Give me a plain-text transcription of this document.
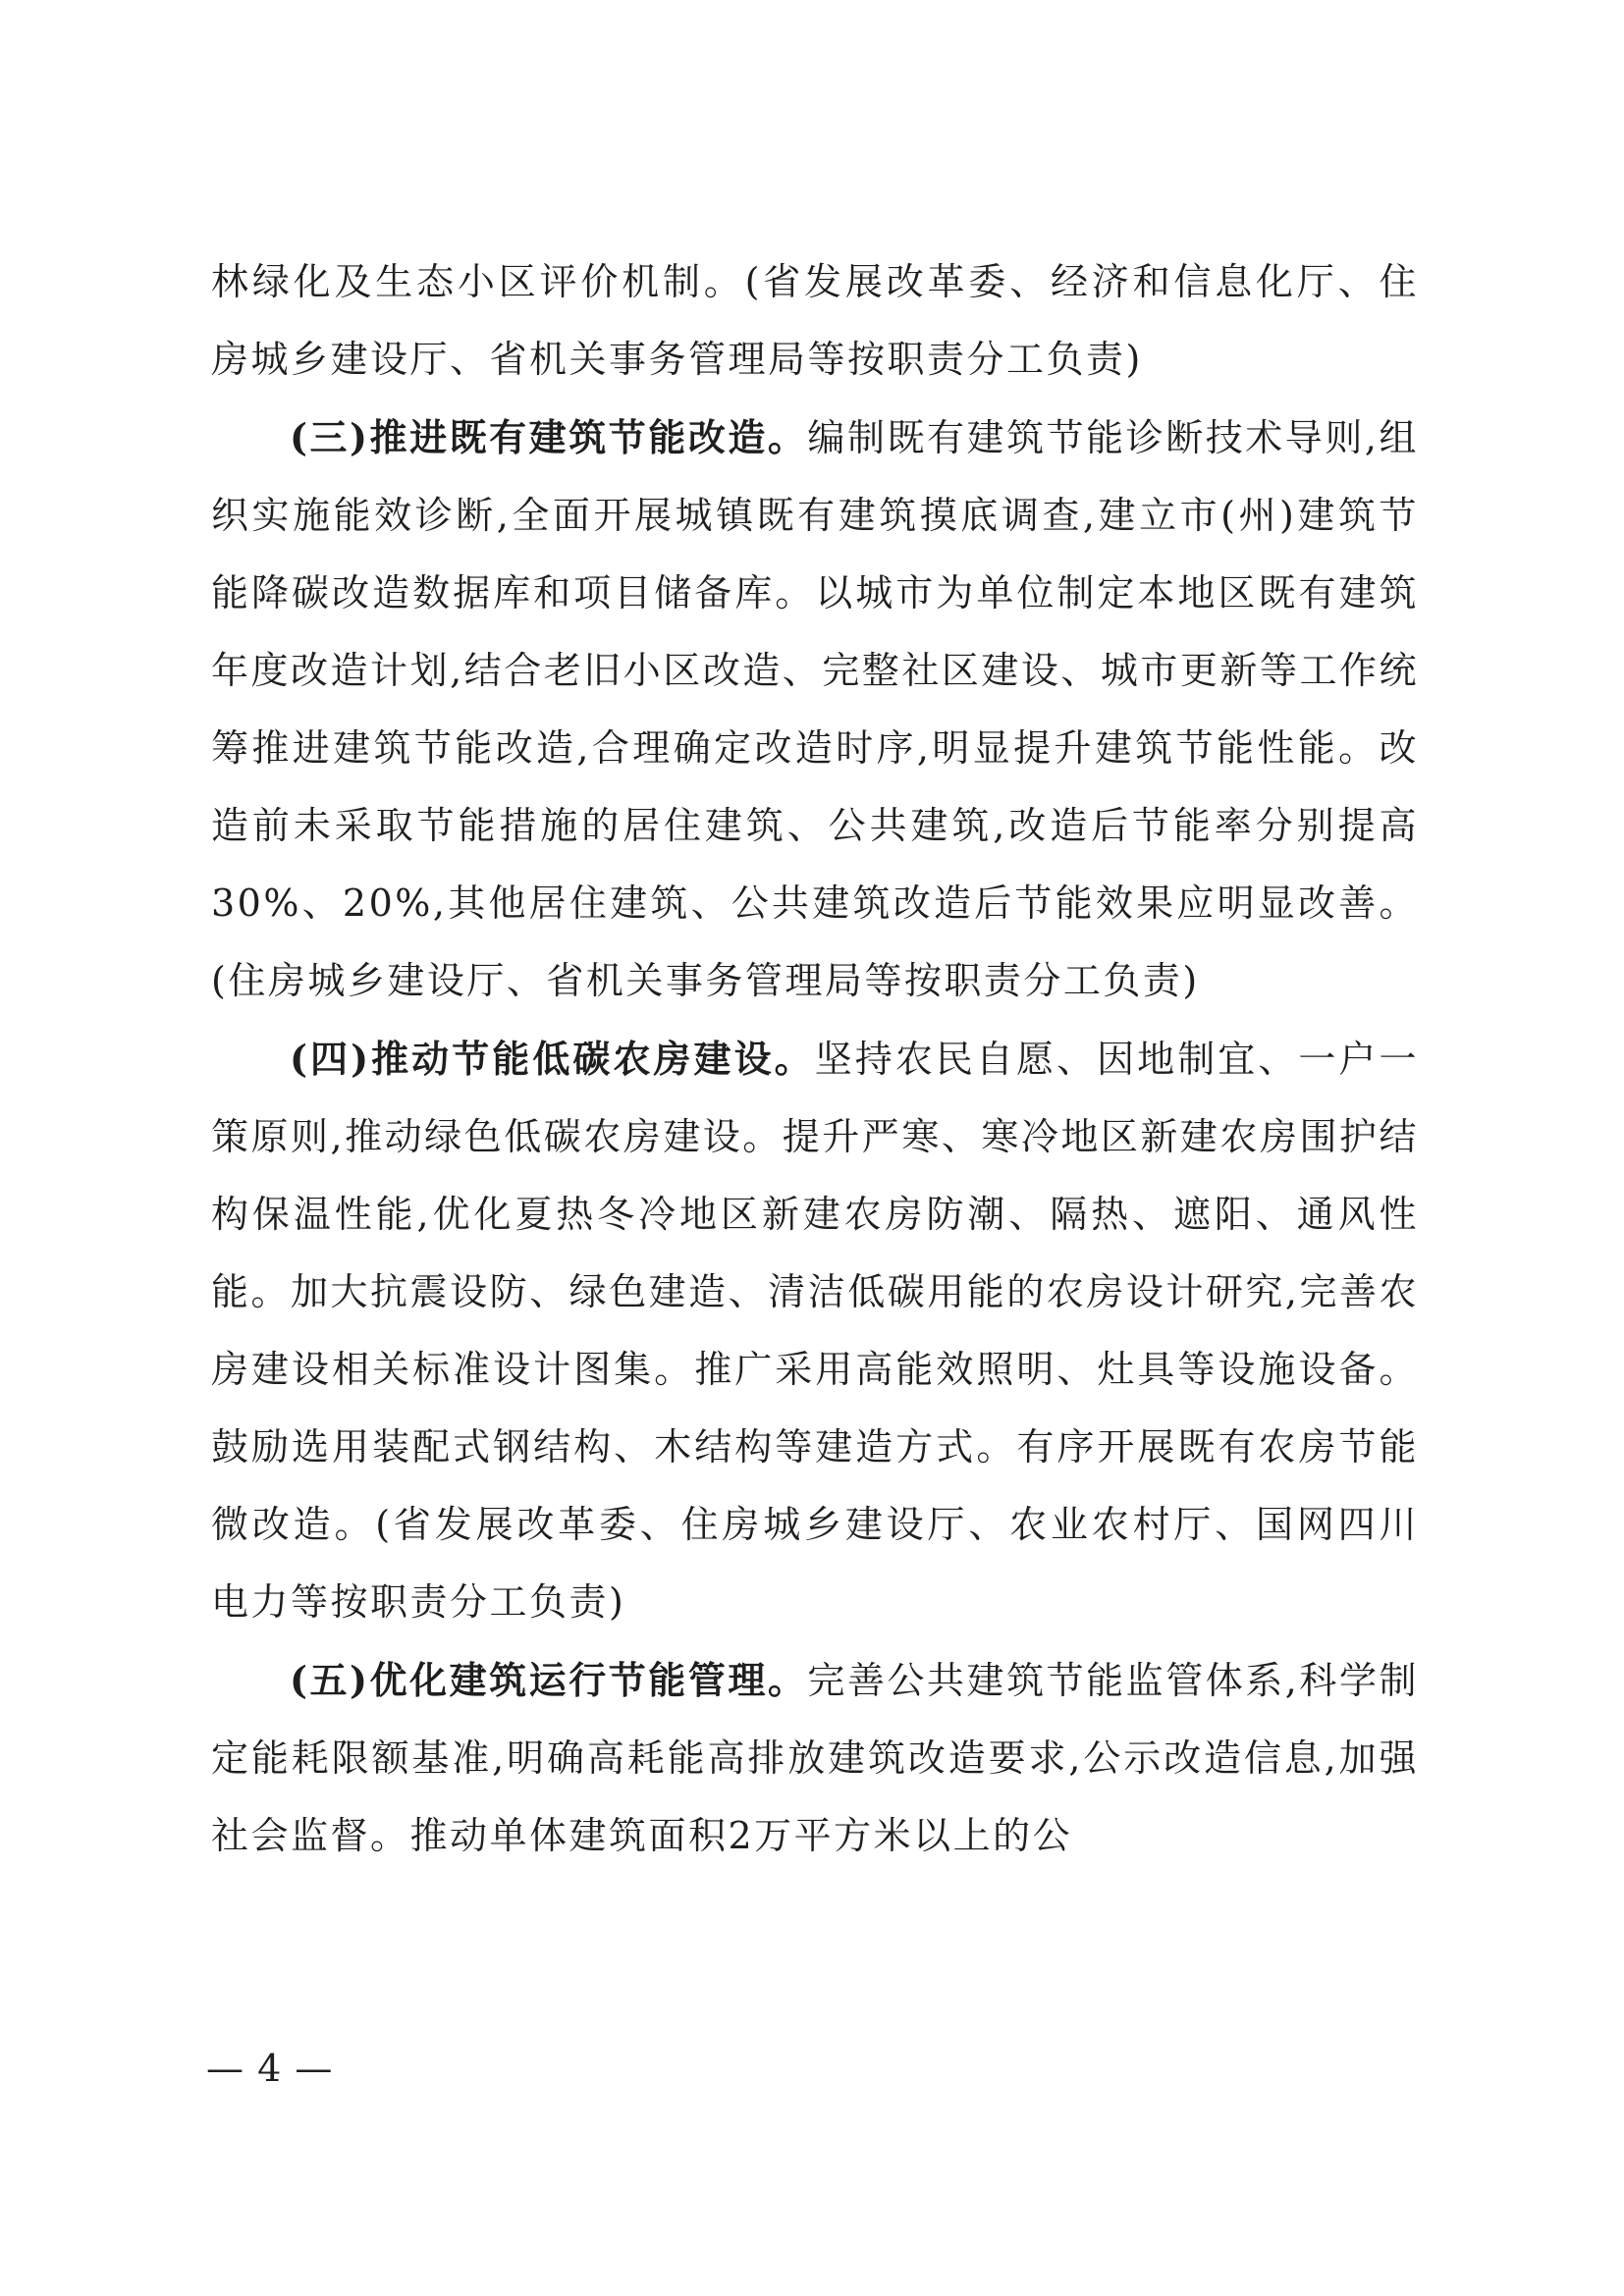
林绿化及生态小区评价机制。(省发展改革委、经济和信息化厅、住房城乡建设厅、省机关事务管理局等按职责分工负责)

(三)推进既有建筑节能改造。编制既有建筑节能诊断技术导则,组织实施能效诊断,全面开展城镇既有建筑摸底调查,建立市(州)建筑节能降碳改造数据库和项目储备库。以城市为单位制定本地区既有建筑年度改造计划,结合老旧小区改造、完整社区建设、城市更新等工作统筹推进建筑节能改造,合理确定改造时序,明显提升建筑节能性能。改造前未采取节能措施的居住建筑、公共建筑,改造后节能率分别提高30%、20%,其他居住建筑、公共建筑改造后节能效果应明显改善。(住房城乡建设厅、省机关事务管理局等按职责分工负责)

(四)推动节能低碳农房建设。坚持农民自愿、因地制宜、一户一策原则,推动绿色低碳农房建设。提升严寒、寒冷地区新建农房围护结构保温性能,优化夏热冬冷地区新建农房防潮、隔热、遮阳、通风性能。加大抗震设防、绿色建造、清洁低碳用能的农房设计研究,完善农房建设相关标准设计图集。推广采用高能效照明、灶具等设施设备。鼓励选用装配式钢结构、木结构等建造方式。有序开展既有农房节能微改造。(省发展改革委、住房城乡建设厅、农业农村厅、国网四川电力等按职责分工负责)

(五)优化建筑运行节能管理。完善公共建筑节能监管体系,科学制定能耗限额基准,明确高耗能高排放建筑改造要求,公示改造信息,加强社会监督。推动单体建筑面积2万平方米以上的公

— 4 —
